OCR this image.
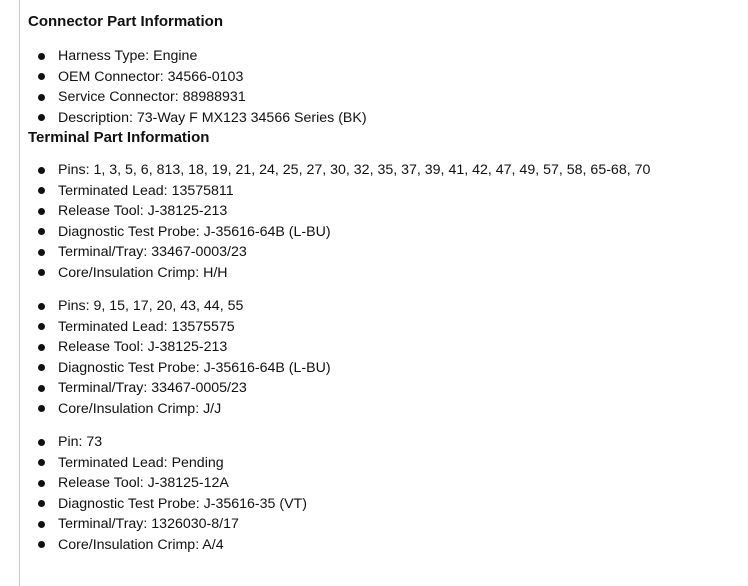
Connector Part Information
Harness Type: Engine
OEM Connector: 34566-0103
Service Connector: 88988931
Description: 73-Way F MX123 34566 Series (BK)
Terminal Part Information
Pins: 1, 3, 5, 6, 813, 18, 19, 21, 24, 25, 27, 30, 32, 35, 37, 39, 41, 42, 47, 49, 57, 58, 65-68, 70
Terminated Lead: 13575811
Release Tool: J-38125-213
Diagnostic Test Probe: J-35616-64B (L-BU)
Terminal/Tray: 33467-0003/23
Core/Insulation Crimp: H/H
Pins: 9, 15, 17, 20, 43, 44, 55
Terminated Lead: 13575575
Release Tool: J-38125-213
Diagnostic Test Probe: J-35616-64B (L-BU)
Terminal/Tray: 33467-0005/23
Core/Insulation Crimp: J/J
Pin: 73
Terminated Lead: Pending
Release Tool: J-38125-12A
Diagnostic Test Probe: J-35616-35 (VT)
Terminal/Tray: 1326030-8/17
Core/Insulation Crimp: A/4
